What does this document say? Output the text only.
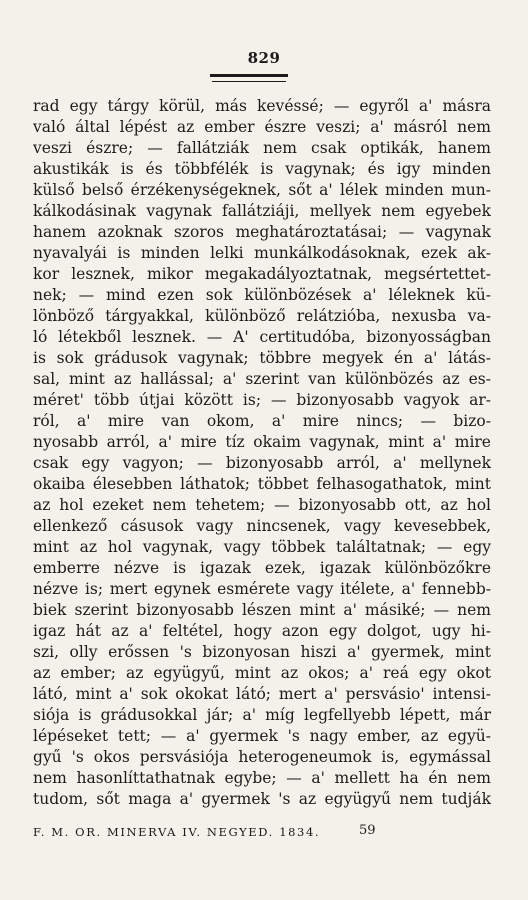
829
rad egy tárgy körül, más kevéssé; — egyről a' másra
való által lépést az ember észre veszi; a' másról nem
veszi észre; — fallátziák nem csak optikák, hanem
akustikák is és többfélék is vagynak; és igy minden
külső belső érzékenységeknek, sőt a' lélek minden mun-
kálkodásinak vagynak fallátziáji, mellyek nem egyebek
hanem azoknak szoros meghatároztatásai; — vagynak
nyavalyái is minden lelki munkálkodásoknak, ezek ak-
kor lesznek, mikor megakadályoztatnak, megsértettet-
nek; — mind ezen sok különbözések a' léleknek kü-
lönböző tárgyakkal, különböző relátzióba, nexusba va-
ló létekből lesznek. — A' certitudóba, bizonyosságban
is sok grádusok vagynak; többre megyek én a' látás-
sal, mint az hallással; a' szerint van különbözés az es-
méret' több útjai között is; — bizonyosabb vagyok ar-
ról, a' mire van okom, a' mire nincs; — bizo-
nyosabb arról, a' mire tíz okaim vagynak, mint a' mire
csak egy vagyon; — bizonyosabb arról, a' mellynek
okaiba élesebben láthatok; többet felhasogathatok, mint
az hol ezeket nem tehetem; — bizonyosabb ott, az hol
ellenkező cásusok vagy nincsenek, vagy kevesebbek,
mint az hol vagynak, vagy többek találtatnak; — egy
emberre nézve is igazak ezek, igazak különbözőkre
nézve is; mert egynek esmérete vagy itélete, a' fennebb-
biek szerint bizonyosabb lészen mint a' másiké; — nem
igaz hát az a' feltétel, hogy azon egy dolgot, ugy hi-
szi, olly erőssen 's bizonyosan hiszi a' gyermek, mint
az ember; az együgyű, mint az okos; a' reá egy okot
látó, mint a' sok okokat látó; mert a' persvásio' intensi-
siója is grádusokkal jár; a' míg legfellyebb lépett, már
lépéseket tett; — a' gyermek 's nagy ember, az együ-
gyű 's okos persvásiója heterogeneumok is, egymással
nem hasonlíttathatnak egybe; — a' mellett ha én nem
tudom, sőt maga a' gyermek 's az együgyű nem tudják
F. M. OR. MINERVA IV. NEGYED. 1834.	59
